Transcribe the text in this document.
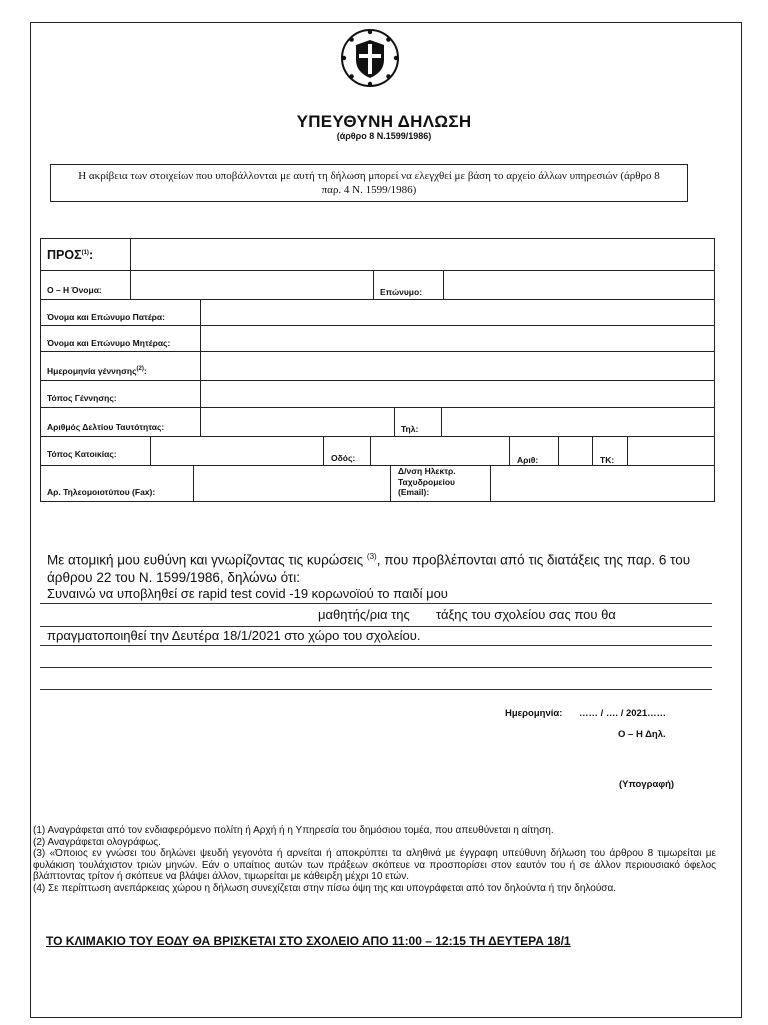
ΥΠΕΥΘΥΝΗ ΔΗΛΩΣΗ
(άρθρο 8 Ν.1599/1986)
Η ακρίβεια των στοιχείων που υποβάλλονται με αυτή τη δήλωση μπορεί να ελεγχθεί με βάση το αρχείο άλλων υπηρεσιών (άρθρο 8 παρ. 4 Ν. 1599/1986)
ΠΡΟΣ$^{(1)}$:
Ο – Η Όνομα:	Επώνυμο:
Όνομα και Επώνυμο Πατέρα:
Όνομα και Επώνυμο Μητέρας:
Ημερομηνία γέννησης$^{(2)}$:
Τόπος Γέννησης:
Αριθμός Δελτίου Ταυτότητας:	Τηλ:
Τόπος Κατοικίας:	Οδός:	Αριθ:	ΤΚ:
Αρ. Τηλεομοιοτύπου (Fax):
Δ/νση Ηλεκτρ.
Ταχυδρομείου
(Email):
Με ατομική μου ευθύνη και γνωρίζοντας τις κυρώσεις $^{(3)}$, που προβλέπονται από τις διατάξεις της παρ. 6 του άρθρου 22 του Ν. 1599/1986, δηλώνω ότι:
Συναινώ να υποβληθεί σε rapid test covid -19 κορωνοϊού το παιδί μου
μαθητής/ρια της τάξης του σχολείου σας που θα
πραγματοποιηθεί την Δευτέρα 18/1/2021 στο χώρο του σχολείου.
Ημερομηνία: …… / …. / 2021……
Ο – Η Δηλ.
(Υπογραφή)

(1) Αναγράφεται από τον ενδιαφερόμενο πολίτη ή Αρχή ή η Υπηρεσία του δημόσιου τομέα, που απευθύνεται η αίτηση.

(2) Αναγράφεται ολογράφως.

(3) «Όποιος εν γνώσει του δηλώνει ψευδή γεγονότα ή αρνείται ή αποκρύπτει τα αληθινά με έγγραφη υπεύθυνη δήλωση του άρθρου 8 τιμωρείται με φυλάκιση τουλάχιστον τριών μηνών. Εάν ο υπαίτιος αυτών των πράξεων σκόπευε να προσπορίσει στον εαυτόν του ή σε άλλον περιουσιακό όφελος βλάπτοντας τρίτον ή σκόπευε να βλάψει άλλον, τιμωρείται με κάθειρξη μέχρι 10 ετών.

(4) Σε περίπτωση ανεπάρκειας χώρου η δήλωση συνεχίζεται στην πίσω όψη της και υπογράφεται από τον δηλούντα ή την δηλούσα.

ΤΟ ΚΛΙΜΑΚΙΟ ΤΟΥ ΕΟΔΥ ΘΑ ΒΡΙΣΚΕΤΑΙ ΣΤΟ ΣΧΟΛΕΙΟ ΑΠΟ 11:00 – 12:15 ΤΗ ΔΕΥΤΕΡΑ 18/1
